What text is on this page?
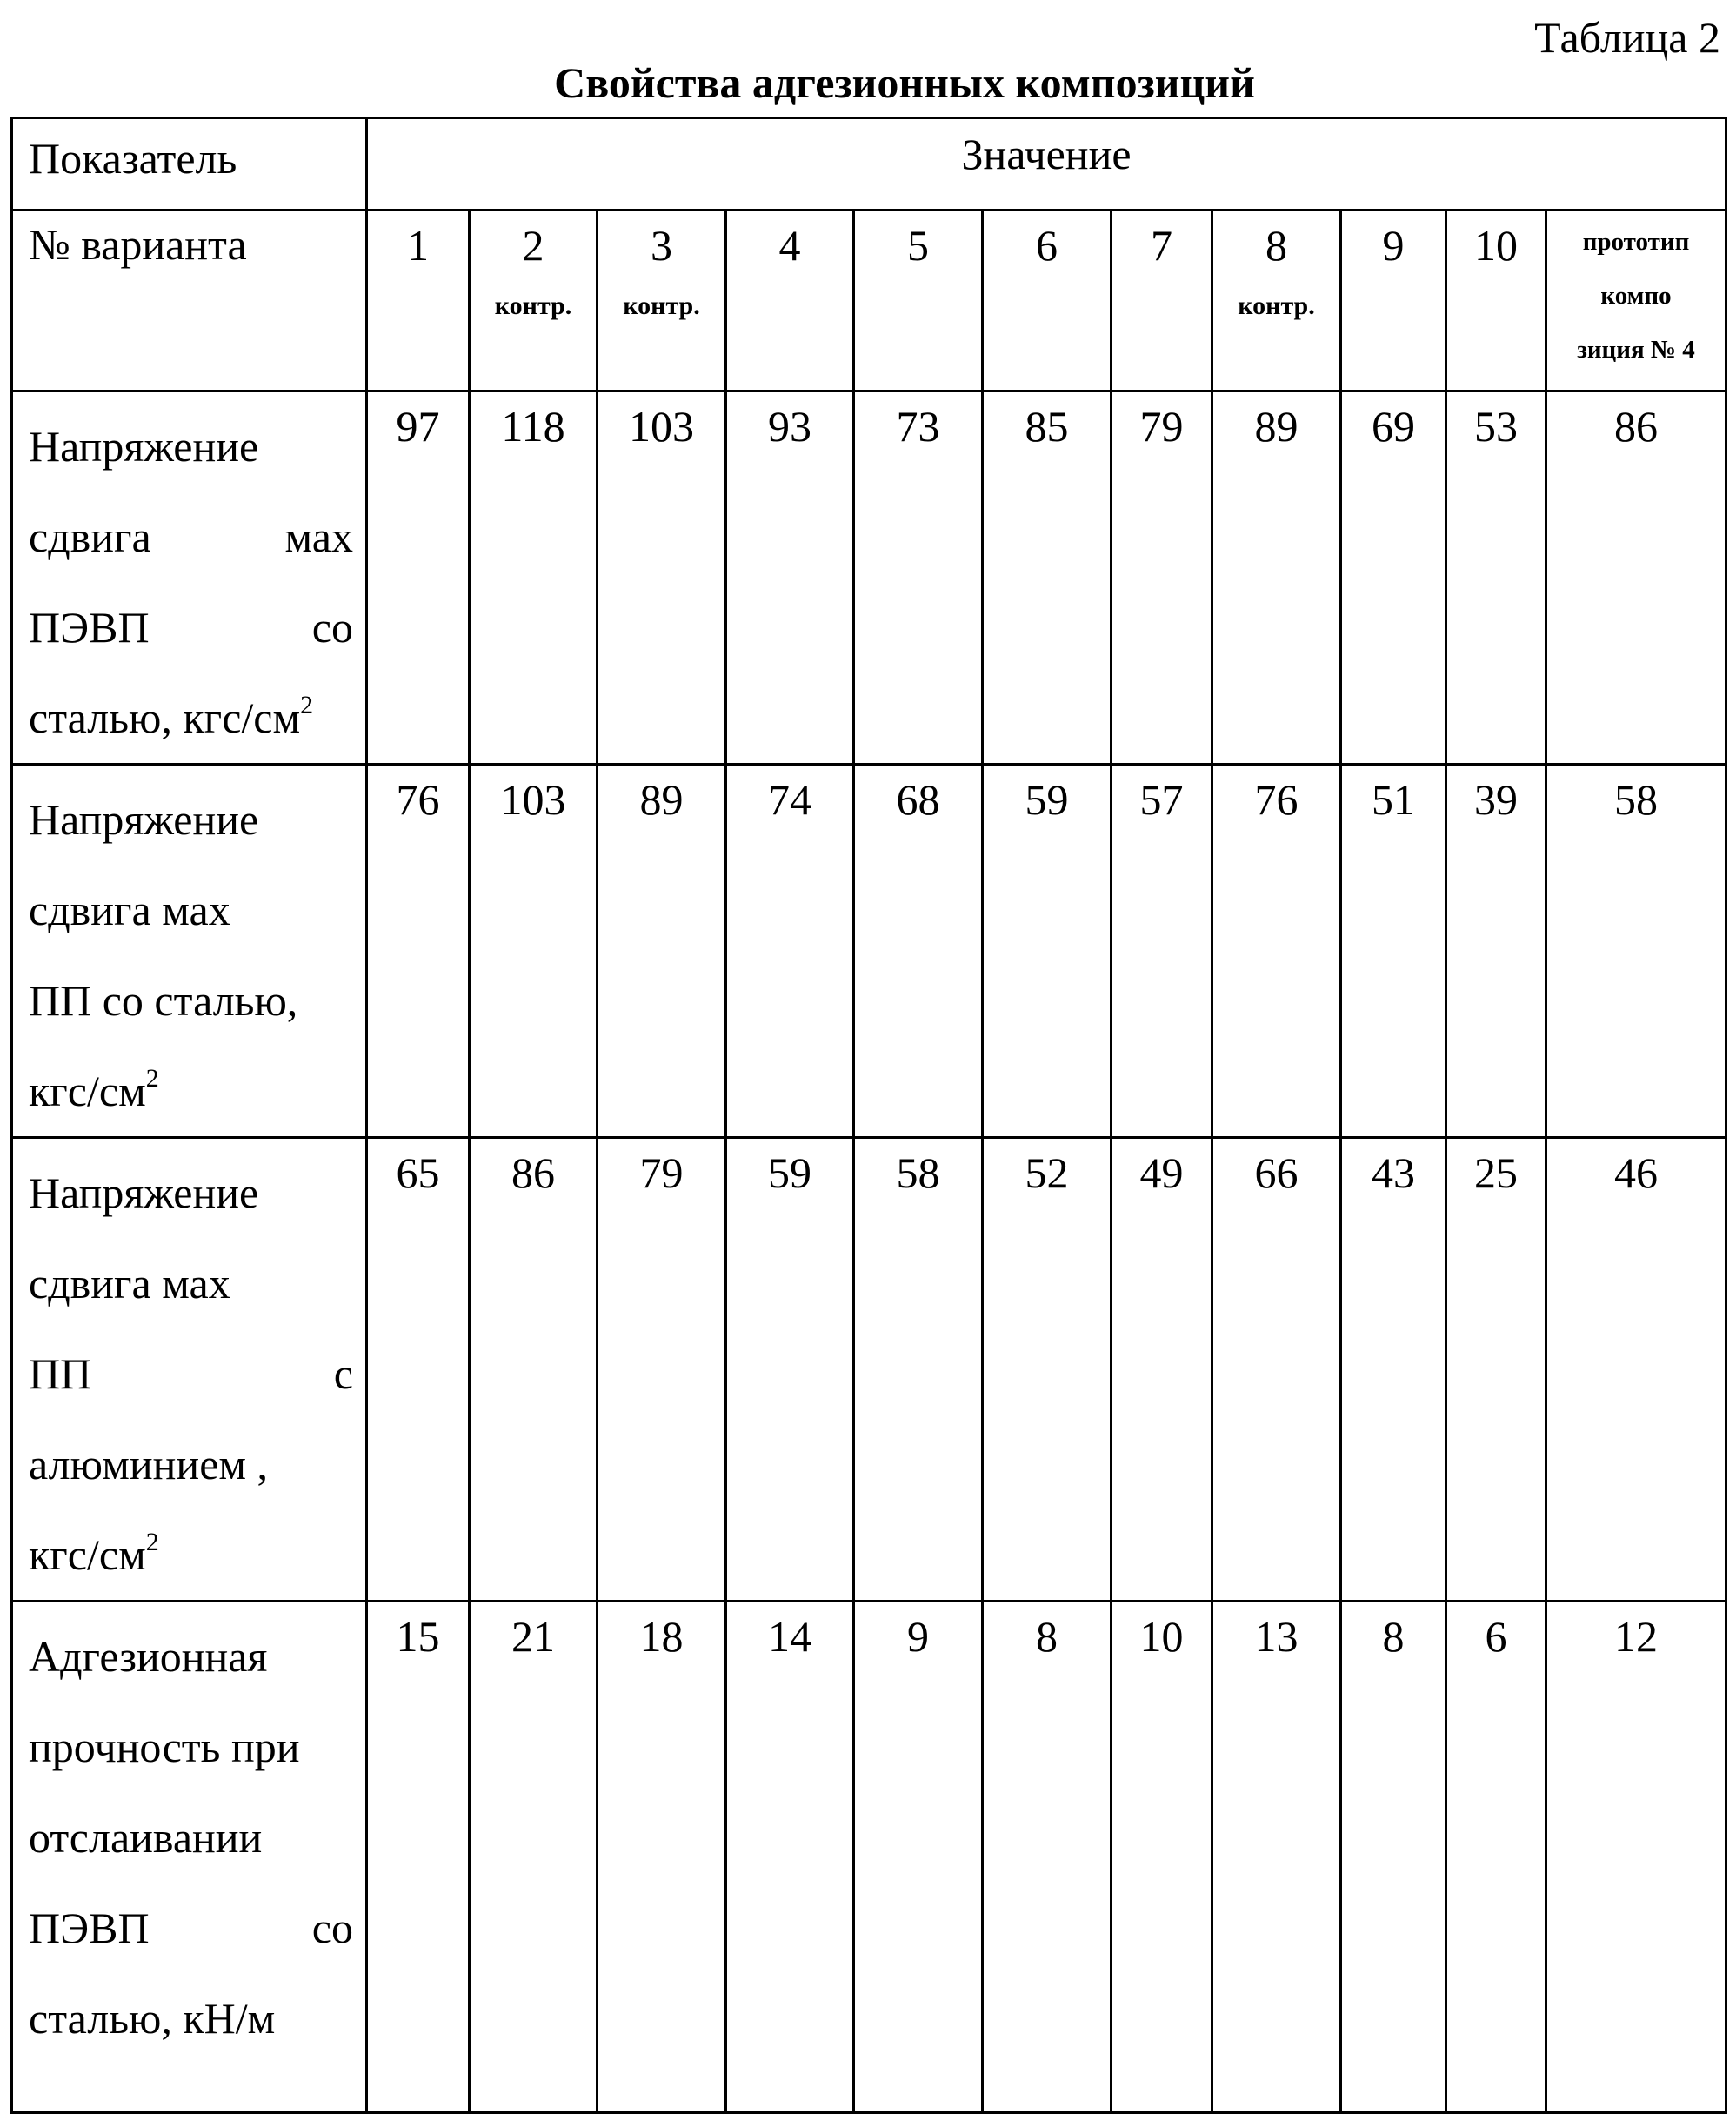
Таблица 2
Свойства адгезионных композиций
Показатель	Значение
№ варианта	1	2
контр.

3
контр.

4	5	6	7	8
контр.

9	10	прототип
компо
зиция № 4

Напряжение
сдвига мах
ПЭВП со
сталью, кгс/см2

97	118	103	93	73	85	79	89	69	53	86

Напряжение
сдвига мах
ПП со сталью,
кгс/см2

76	103	89	74	68	59	57	76	51	39	58

Напряжение
сдвига мах
ПП с
алюминием ,
кгс/см2

65	86	79	59	58	52	49	66	43	25	46

Адгезионная
прочность при
отслаивании
ПЭВП со
сталью, кН/м

15	21	18	14	9	8	10	13	8	6	12
